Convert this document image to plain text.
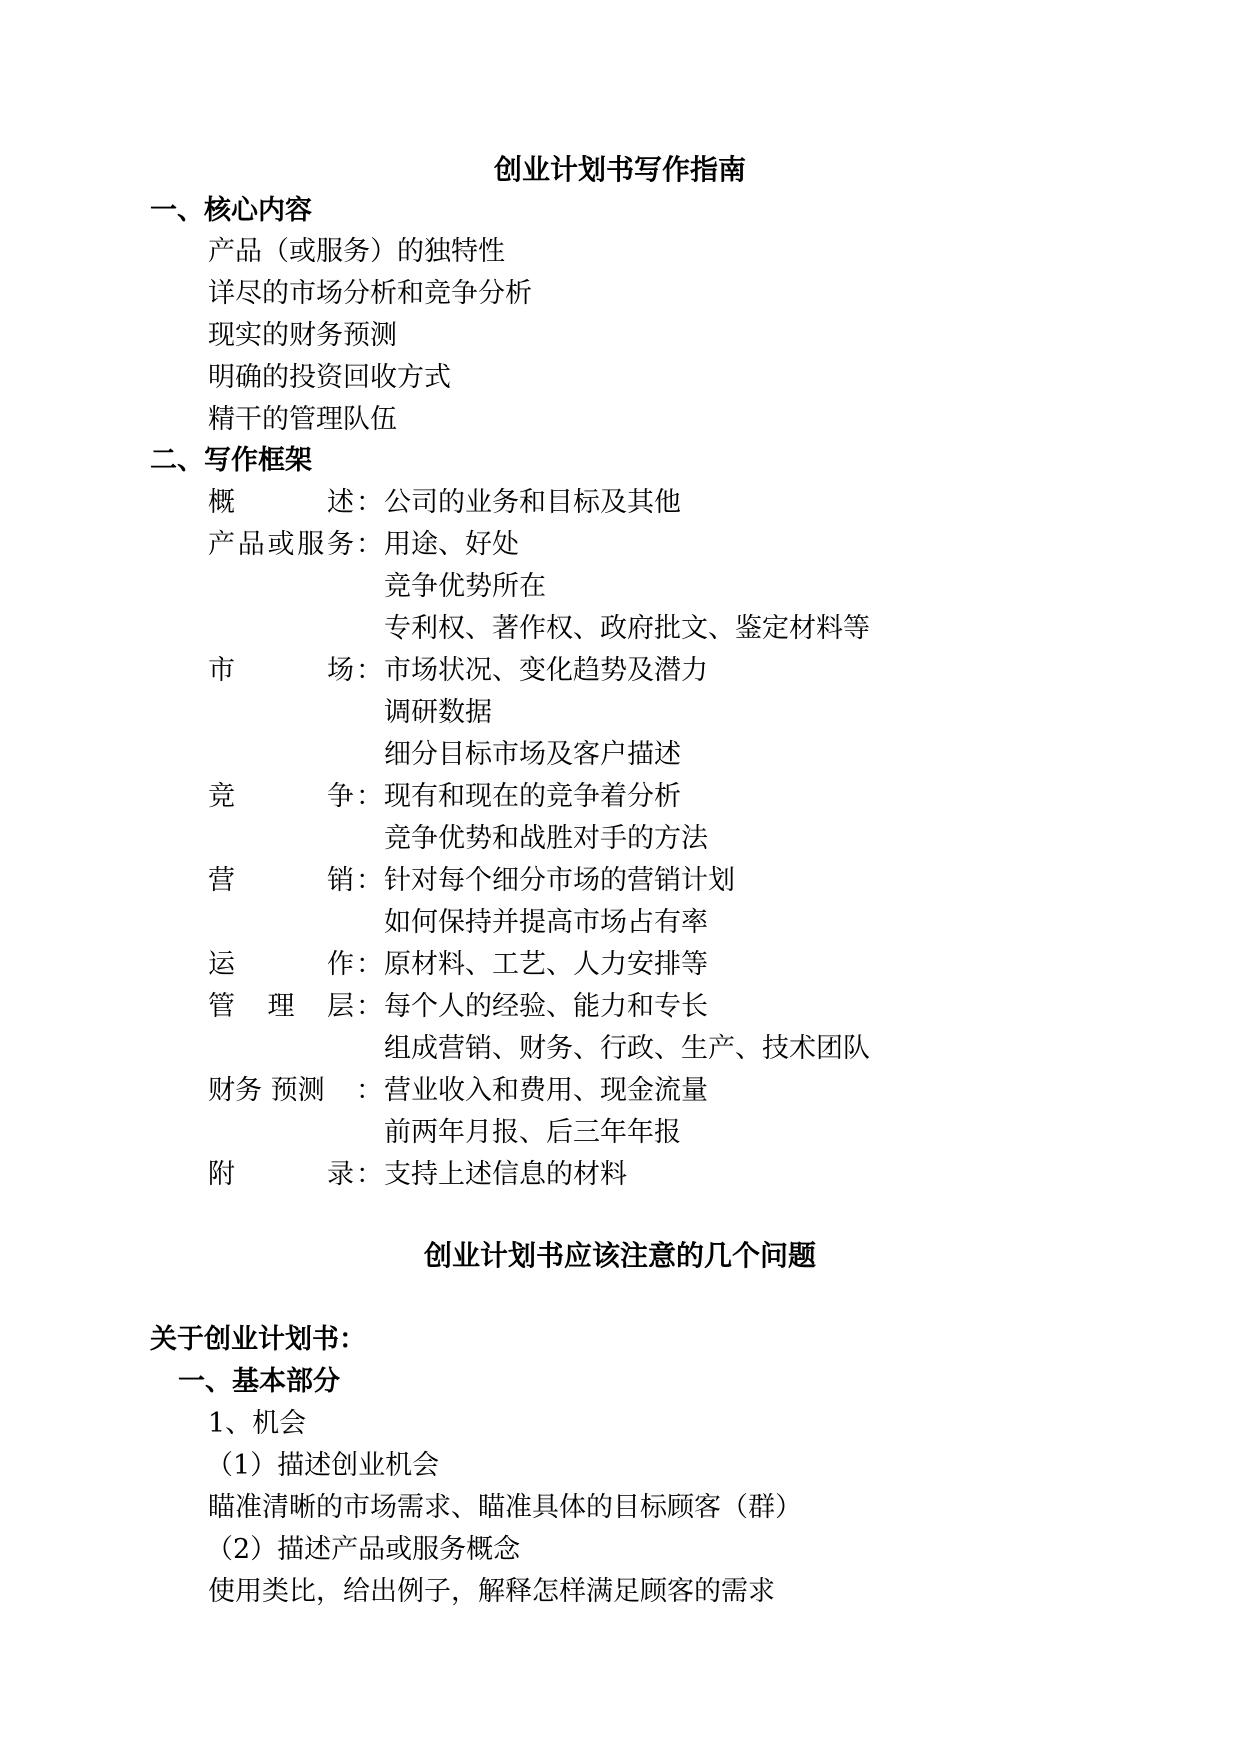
创业计划书写作指南
一、核心内容
产品（或服务）的独特性
详尽的市场分析和竞争分析
现实的财务预测
明确的投资回收方式
精干的管理队伍
二、写作框架
概述 ： 公司的业务和目标及其他
产品或服务 ： 用途、好处
竞争优势所在
专利权、著作权、政府批文、鉴定材料等
市场 ： 市场状况、变化趋势及潜力
调研数据
细分目标市场及客户描述
竞争 ： 现有和现在的竞争着分析
竞争优势和战胜对手的方法
营销 ： 针对每个细分市场的营销计划
如何保持并提高市场占有率
运作 ： 原材料、工艺、人力安排等
管理层 ： 每个人的经验、能力和专长
组成营销、财务、行政、生产、技术团队
财务 预测	： 营业收入和费用、现金流量
前两年月报、后三年年报
附录 ： 支持上述信息的材料
创业计划书应该注意的几个问题
关于创业计划书：
一、基本部分
1、机会
（1）描述创业机会
瞄准清晰的市场需求、瞄准具体的目标顾客（群）
（2）描述产品或服务概念
使用类比，给出例子，解释怎样满足顾客的需求
